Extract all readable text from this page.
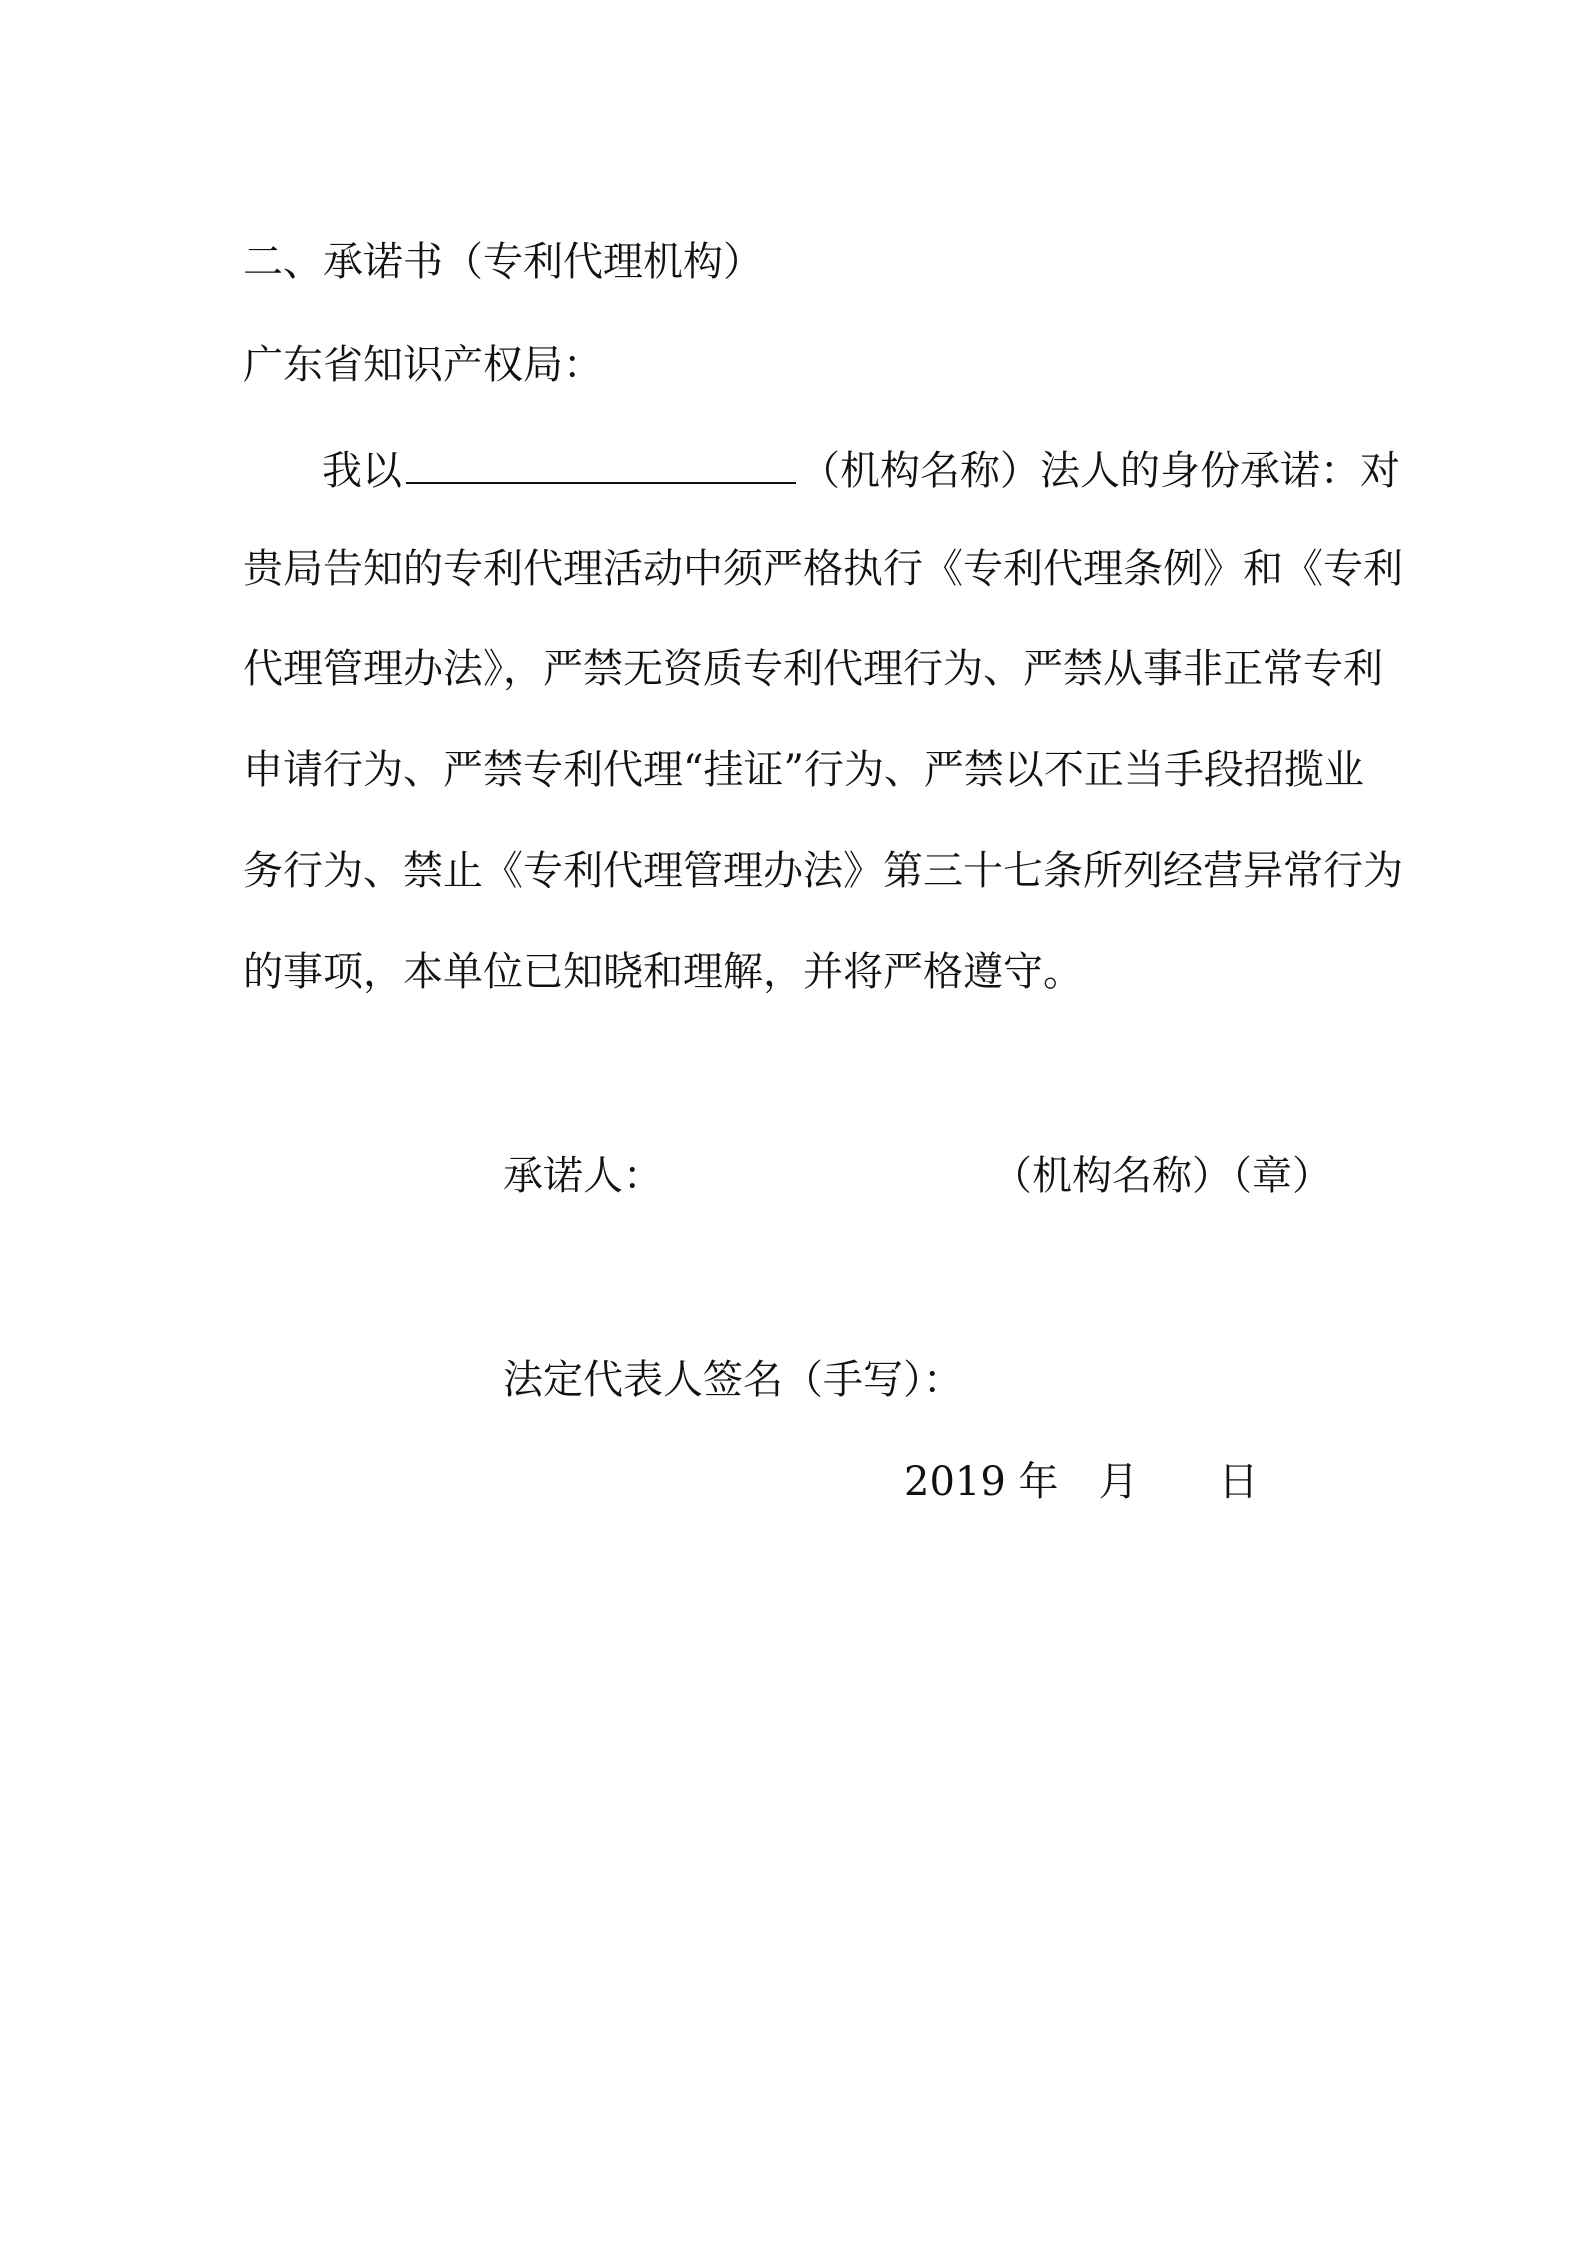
二、承诺书（专利代理机构）
广东省知识产权局：
我以	（机构名称）法人的身份承诺：对
贵局告知的专利代理活动中须严格执行《专利代理条例》和《专利
代理管理办法》，严禁无资质专利代理行为、严禁从事非正常专利
申请行为、严禁专利代理“挂证”行为、严禁以不正当手段招揽业
务行为、禁止《专利代理管理办法》第三十七条所列经营异常行为
的事项，本单位已知晓和理解，并将严格遵守。
承诺人：	（机构名称）（章）
法定代表人签名（手写）：
2019 年　月　　日
